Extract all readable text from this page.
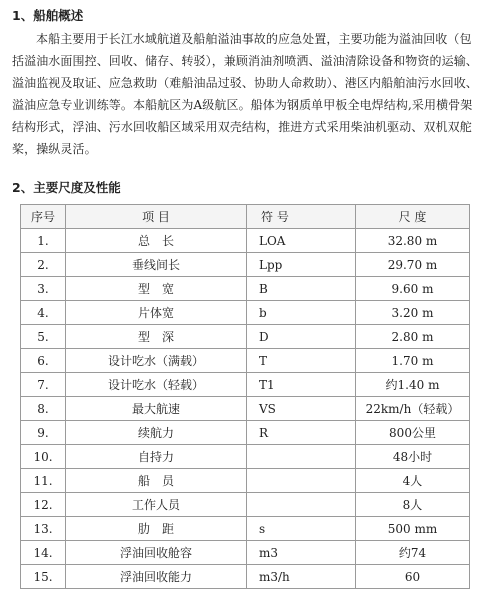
1、船舶概述

本船主要用于长江水域航道及船舶溢油事故的应急处置，主要功能为溢油回收（包括溢油水面围控、回收、储存、转驳），兼顾消油剂喷洒、溢油清除设备和物资的运输、溢油监视及取证、应急救助（难船油品过驳、协助人命救助）、港区内船舶油污水回收、溢油应急专业训练等。本船航区为A级航区。船体为钢质单甲板全电焊结构,采用横骨架结构形式，浮油、污水回收船区域采用双壳结构，推进方式采用柴油机驱动、双机双舵桨，操纵灵活。

2、主要尺度及性能
序号	项 目	符 号	尺 度
1.	总　长	LOA	32.80 m
2.	垂线间长	Lpp	29.70 m
3.	型　宽	B	9.60 m
4.	片体宽	b	3.20 m
5.	型　深	D	2.80 m
6.	设计吃水（满载）	T	1.70 m
7.	设计吃水（轻载）	T1	约1.40 m
8.	最大航速	VS	22km/h（轻载）
9.	续航力	R	800公里
10.	自持力		48小时
11.	船　员		4人
12.	工作人员		8人
13.	肋　距	s	500 mm
14.	浮油回收舱容	m3	约74
15.	浮油回收能力	m3/h	60
